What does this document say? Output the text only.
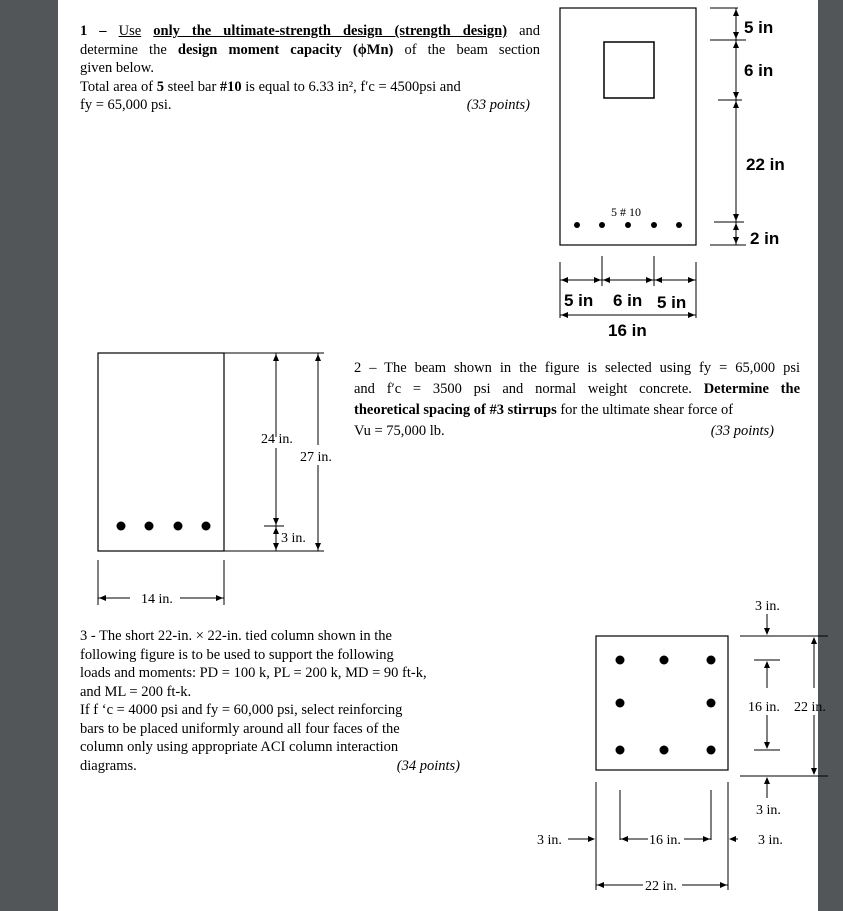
1 – Use only the ultimate-strength design (strength design) and
determine the design moment capacity (ϕMn) of the beam section
given below.
Total area of 5 steel bar #10 is equal to 6.33 in², f′c = 4500psi and
fy = 65,000 psi.	(33 points)
5 # 10
5 in
6 in
22 in
2 in
5 in 6 in 5 in
16 in
24 in.
27 in.
3 in.
14 in.
2 – The beam shown in the figure is selected using fy = 65,000 psi
and f′c = 3500 psi and normal weight concrete. Determine the
theoretical spacing of #3 stirrups for the ultimate shear force of
Vu = 75,000 lb.	(33 points)
3 - The short 22-in. × 22-in. tied column shown in the
following figure is to be used to support the following
loads and moments: PD = 100 k, PL = 200 k, MD = 90 ft-k,
and ML = 200 ft-k.
If f ‘c = 4000 psi and fy = 60,000 psi, select reinforcing
bars to be placed uniformly around all four faces of the
column only using appropriate ACI column interaction
diagrams.	(34 points)
3 in.
16 in. 22 in.
3 in.
3 in.	16 in.	3 in.
22 in.
